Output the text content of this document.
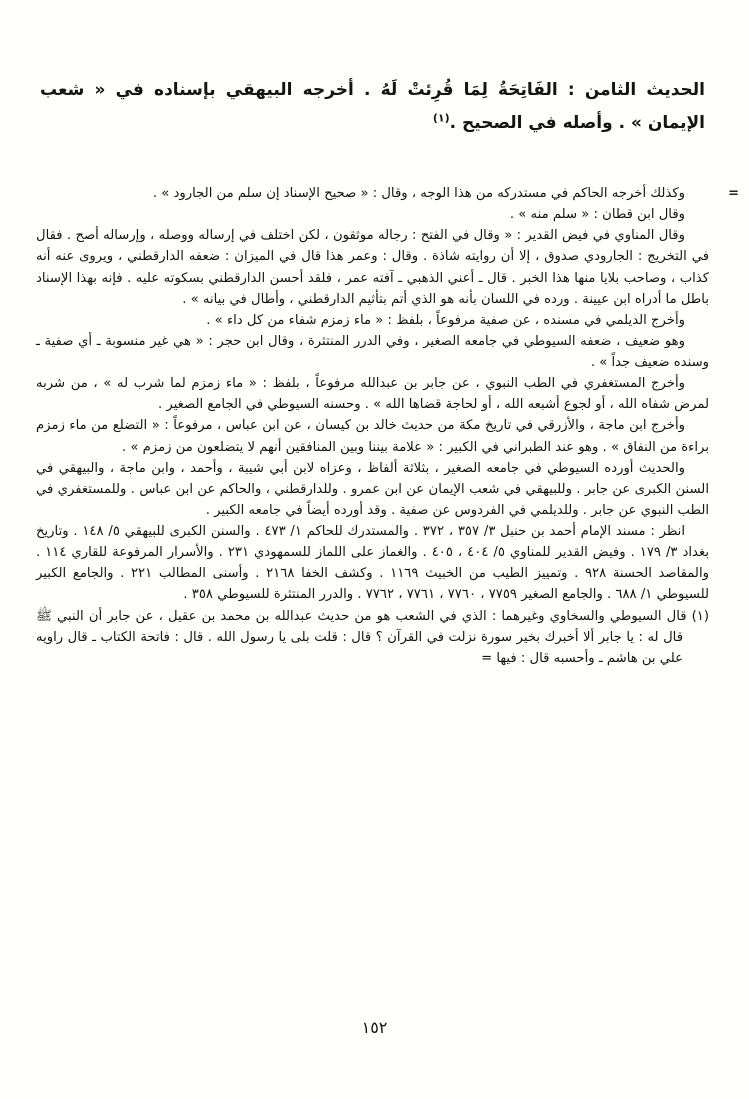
الحديث الثامن : الفَاتِحَةُ لِمَا قُرِئتْ لَهُ . أخرجه البيهقي بإسناده في « شعب الإيمان » . وأصله في الصحيح .$^{(١)}$
=

وكذلك أخرجه الحاكم في مستدركه من هذا الوجه ، وقال : « صحيح الإسناد إن سلم من الجارود » .

وقال ابن قطان : « سلم منه » .

وقال المناوي في فيض القدير : « وقال في الفتح : رجاله موثقون ، لكن اختلف في إرساله ووصله ، وإرساله أصح . فقال في التخريج : الجارودي صدوق ، إلا أن روايته شاذة . وقال : وعمر هذا قال في الميزان : ضعفه الدارقطني ، ويروى عنه أنه كذاب ، وصاحب بلايا منها هذا الخبر . قال ـ أعني الذهبي ـ آفته عمر ، فلقد أحسن الدارقطني بسكوته عليه . فإنه بهذا الإسناد باطل ما أدراه ابن عيينة . ورده في اللسان بأنه هو الذي أتم بتأثيم الدارقطني ، وأطال في بيانه » .

وأخرج الديلمي في مسنده ، عن صفية مرفوعاً ، بلفظ : « ماء زمزم شفاء من كل داء » .

وهو ضعيف ، ضعفه السيوطي في جامعه الصغير ، وفي الدرر المنتثرة ، وقال ابن حجر : « هي غير منسوبة ـ أي صفية ـ وسنده ضعيف جداً » .

وأخرج المستغفري في الطب النبوي ، عن جابر بن عبدالله مرفوعاً ، بلفظ : « ماء زمزم لما شرب له » ، من شربه لمرض شفاه الله ، أو لجوع أشبعه الله ، أو لحاجة قضاها الله » . وحسنه السيوطي في الجامع الصغير .

وأخرج ابن ماجة ، والأزرقي في تاريخ مكة من حديث خالد بن كيسان ، عن ابن عباس ، مرفوعاً : « التضلع من ماء زمزم براءة من النفاق » . وهو عند الطبراني في الكبير : « علامة بيننا وبين المنافقين أنهم لا يتضلعون من زمزم » .

والحديث أورده السيوطي في جامعه الصغير ، بثلاثة ألفاظ ، وعزاه لابن أبي شيبة ، وأحمد ، وابن ماجة ، والبيهقي في السنن الكبرى عن جابر . وللبيهقي في شعب الإيمان عن ابن عمرو . وللدارقطني ، والحاكم عن ابن عباس . وللمستغفري في الطب النبوي عن جابر . وللديلمي في الفردوس عن صفية . وقد أورده أيضاً في جامعه الكبير .

انظر : مسند الإمام أحمد بن حنبل ٣/ ٣٥٧ ، ٣٧٢ . والمستدرك للحاكم ١/ ٤٧٣ . والسنن الكبرى للبيهقي ٥/ ١٤٨ . وتاريخ بغداد ٣/ ١٧٩ . وفيض القدير للمناوي ٥/ ٤٠٤ ، ٤٠٥ . والغماز على اللماز للسمهودي ٢٣١ . والأسرار المرفوعة للقاري ١١٤ . والمقاصد الحسنة ٩٢٨ . وتمييز الطيب من الخبيث ١١٦٩ . وكشف الخفا ٢١٦٨ . وأسنى المطالب ٢٢١ . والجامع الكبير للسيوطي ١/ ٦٨٨ . والجامع الصغير ٧٧٥٩ ، ٧٧٦٠ ، ٧٧٦١ ، ٧٧٦٢ . والدرر المنتثرة للسيوطي ٣٥٨ .

(١)قال السيوطي والسخاوي وغيرهما : الذي في الشعب هو من حديث عبدالله بن محمد بن عقيل ، عن جابر أن النبي ﷺ قال له : يا جابر ألا أخبرك بخير سورة نزلت في القرآن ؟ قال : قلت بلى يا رسول الله . قال : فاتحة الكتاب ـ قال راويه علي بن هاشم ـ وأحسبه قال : فيها =

١٥٢
